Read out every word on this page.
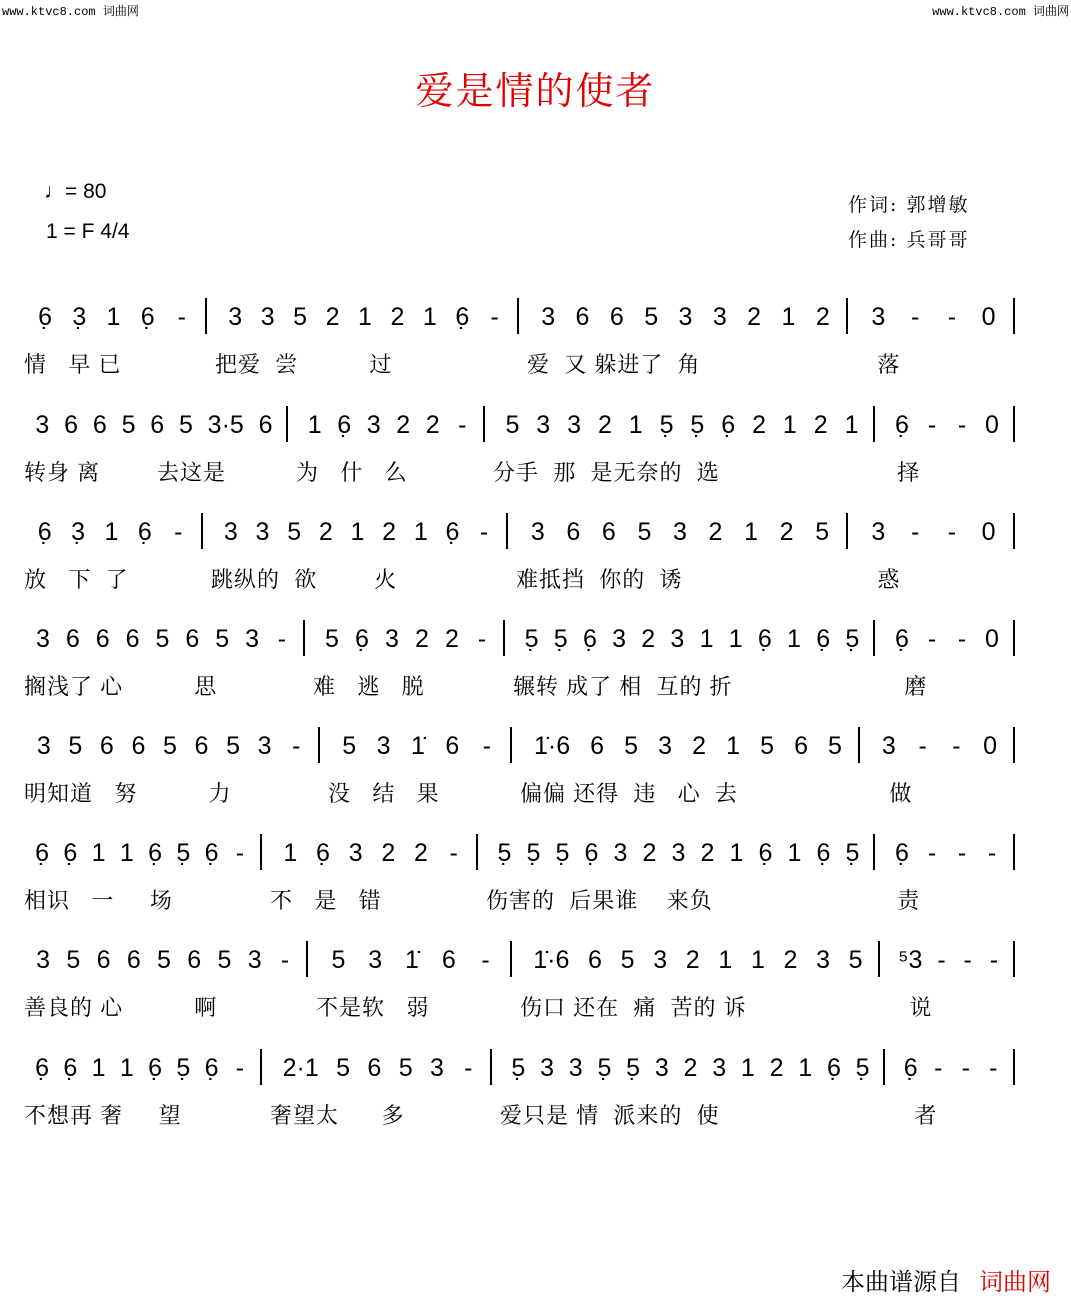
www.ktvc8.com 词曲网	www.ktvc8.com 词曲网
爱是情的使者
♩= 80
1 = F 4/4
作词: 郭增敏
作曲: 兵哥哥
6̣ 3̣ 1 6̣ -
情   早 已
3 3 5 2 1 2 1 6̣ -
把爱  尝          过
3 6 6 5 3 3 2 1 2
爱  又 躲进了  角
3 - - 0
落
3 6 6 5 6 5 3·5 6
转身 离        去这是
1 6̣ 3 2 2 -
为   什   么
5 3 3 2 1 5̣ 5̣ 6̣ 2 1 2 1
分手  那  是无奈的  选
6̣ - - 0
择
6̣ 3̣ 1 6̣ -
放   下  了
3 3 5 2 1 2 1 6̣ -
跳纵的  欲        火
3 6 6 5 3 2 1 2 5
难抵挡  你的  诱
3 - - 0
惑
3 6 6 6 5 6 5 3 -
搁浅了 心          思
5 6̣ 3 2 2 -
难   逃   脱
5̣ 5̣ 6̣ 3 2 3 1 1 6̣ 1 6̣ 5̣
辗转 成了 相  互的 折
6̣ - - 0
磨
3 5 6 6 5 6 5 3 -
明知道   努          力
5 3 1̇ 6 -
没   结   果
1̇·6 6 5 3 2 1 5 6 5
偏偏 还得  违   心  去
3 - - 0
做
6̣ 6̣ 1 1 6̣ 5̣ 6̣ -
相识   一     场
1 6̣ 3 2 2 -
不   是   错
5̣ 5̣ 5̣ 6̣ 3 2 3 2 1 6̣ 1 6̣ 5̣
伤害的  后果谁    来负
6̣ - - -
责
3 5 6 6 5 6 5 3 -
善良的 心          啊
5 3 1̇ 6 -
不是软   弱
1̇·6 6 5 3 2 1 1 2 3 5
伤口 还在  痛  苦的 诉
⁵3 - - -
说
6̣ 6̣ 1 1 6̣ 5̣ 6̣ -
不想再 奢     望
2·1 5 6 5 3 -
奢望太      多
5̣ 3 3 5̣ 5̣ 3 2 3 1 2 1 6̣ 5̣
爱只是 情  派来的  使
6̣ - - -
者
本曲谱源自 词曲网
